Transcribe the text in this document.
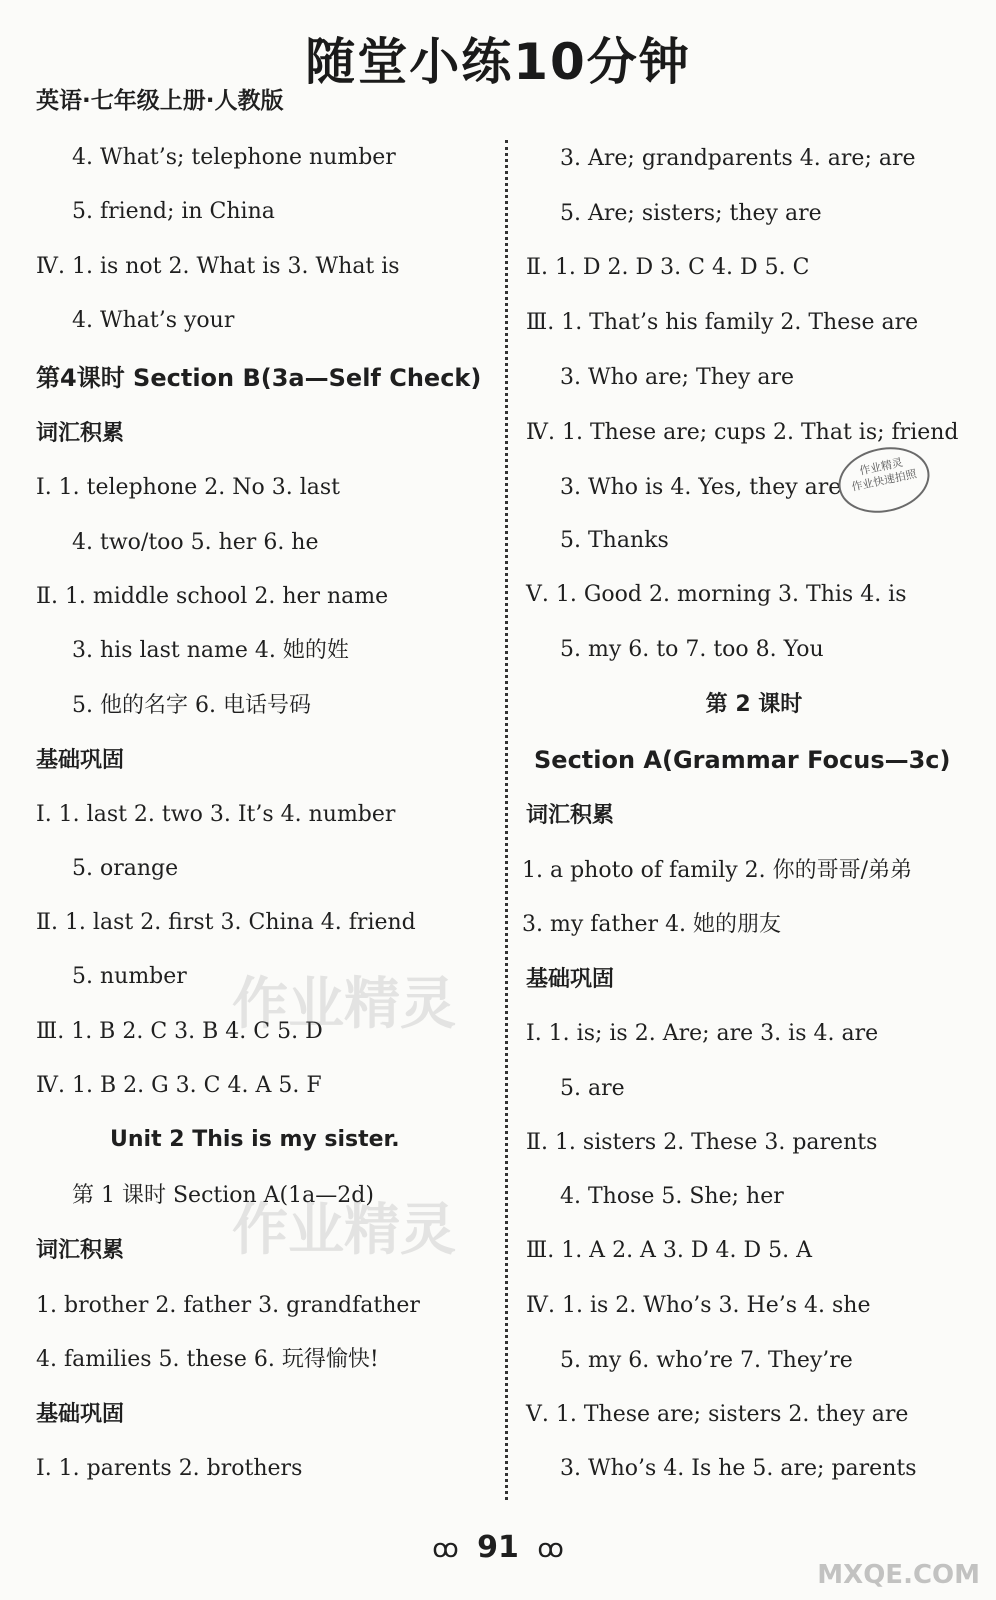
随堂小练10分钟
英语·七年级上册·人教版
4. What’s; telephone number
5. friend; in China
Ⅳ. 1. is not 2. What is 3. What is
4. What’s your
第4课时 Section B(3a—Self Check)
词汇积累
Ⅰ. 1. telephone 2. No 3. last
4. two/too 5. her 6. he
Ⅱ. 1. middle school 2. her name
3. his last name 4. 她的姓
5. 他的名字 6. 电话号码
基础巩固
Ⅰ. 1. last 2. two 3. It’s 4. number
5. orange
Ⅱ. 1. last 2. first 3. China 4. friend
5. number
Ⅲ. 1. B 2. C 3. B 4. C 5. D
Ⅳ. 1. B 2. G 3. C 4. A 5. F
Unit 2 This is my sister.
第 1 课时 Section A(1a—2d)
词汇积累
1. brother 2. father 3. grandfather
4. families 5. these 6. 玩得愉快!
基础巩固
Ⅰ. 1. parents 2. brothers
3. Are; grandparents 4. are; are
5. Are; sisters; they are
Ⅱ. 1. D 2. D 3. C 4. D 5. C
Ⅲ. 1. That’s his family 2. These are
3. Who are; They are
Ⅳ. 1. These are; cups 2. That is; friend
3. Who is 4. Yes, they are
5. Thanks
Ⅴ. 1. Good 2. morning 3. This 4. is
5. my 6. to 7. too 8. You
第 2 课时
Section A(Grammar Focus—3c)
词汇积累
1. a photo of family 2. 你的哥哥/弟弟
3. my father 4. 她的朋友
基础巩固
Ⅰ. 1. is; is 2. Are; are 3. is 4. are
5. are
Ⅱ. 1. sisters 2. These 3. parents
4. Those 5. She; her
Ⅲ. 1. A 2. A 3. D 4. D 5. A
Ⅳ. 1. is 2. Who’s 3. He’s 4. she
5. my 6. who’re 7. They’re
Ⅴ. 1. These are; sisters 2. they are
3. Who’s 4. Is he 5. are; parents
作业精灵
作业精灵
作业精灵
作业快速拍照
ꝏ 91 ꝏ
MXQE.COM
